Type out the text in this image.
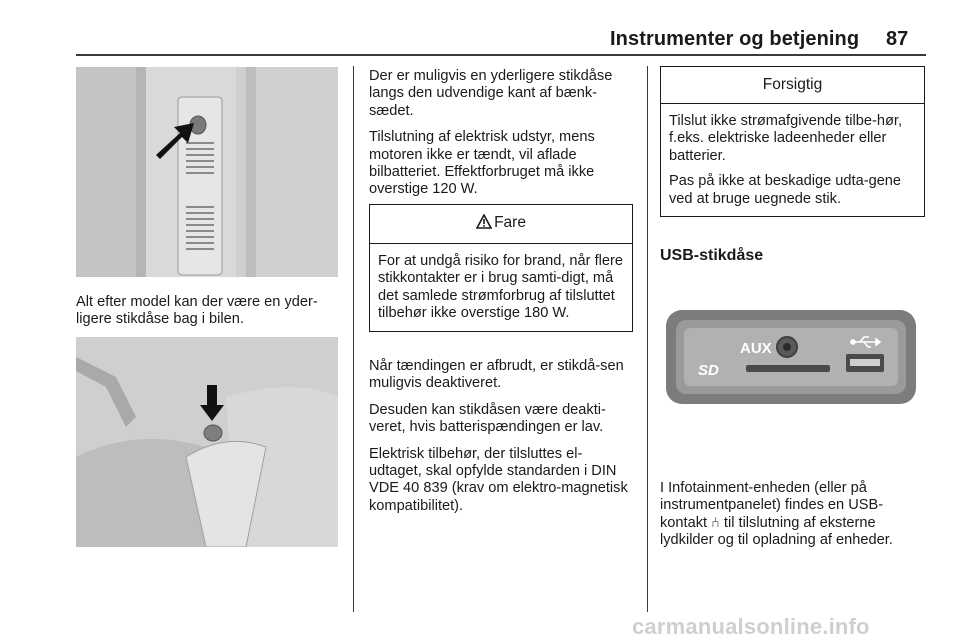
Instrumenter og betjening 87
Alt efter model kan der være en yder-ligere stikdåse bag i bilen.

Der er muligvis en yderligere stikdåse langs den udvendige kant af bænk-sædet.

Tilslutning af elektrisk udstyr, mens motoren ikke er tændt, vil aflade bilbatteriet. Effektforbruget må ikke overstige 120 W.

Fare

For at undgå risiko for brand, når flere stikkontakter er i brug samti-digt, må det samlede strømforbrug af tilsluttet tilbehør ikke overstige 180 W.

Når tændingen er afbrudt, er stikdå-sen muligvis deaktiveret.

Desuden kan stikdåsen være deakti-veret, hvis batterispændingen er lav.

Elektrisk tilbehør, der tilsluttes el-udtaget, skal opfylde standarden i DIN VDE 40 839 (krav om elektro-magnetisk kompatibilitet).

Forsigtig

Tilslut ikke strømafgivende tilbe-hør, f.eks. elektriske ladeenheder eller batterier.

Pas på ikke at beskadige udta-gene ved at bruge uegnede stik.

USB-stikdåse
AUX
SD
I Infotainment-enheden (eller på instrumentpanelet) findes en USB-kontakt ⑃ til tilslutning af eksterne lydkilder og til opladning af enheder.
carmanualsonline.info
